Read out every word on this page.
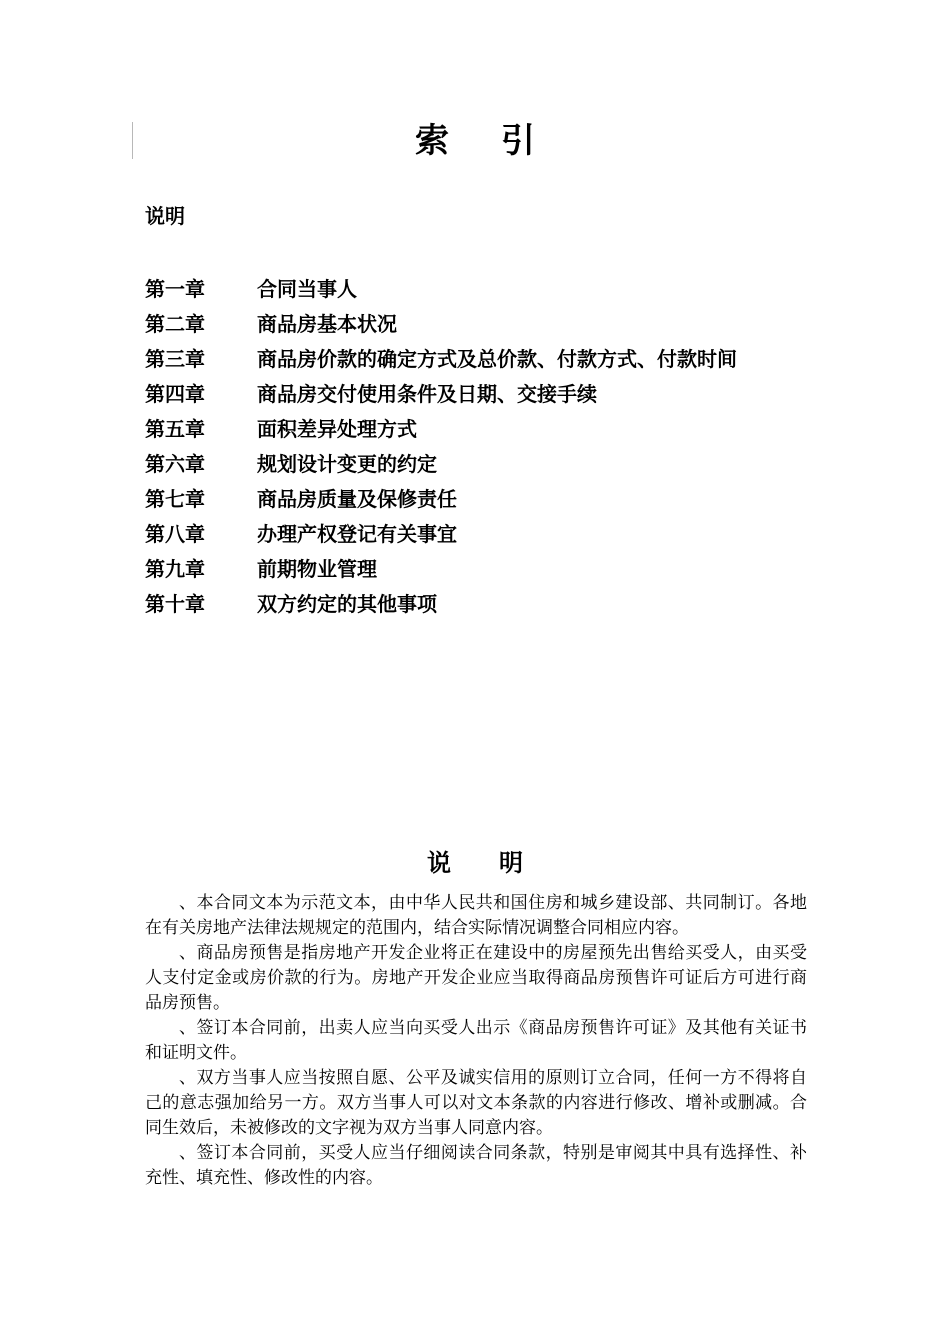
索引
说明
第一章	合同当事人
第二章	商品房基本状况
第三章	商品房价款的确定方式及总价款、付款方式、付款时间
第四章	商品房交付使用条件及日期、交接手续
第五章	面积差异处理方式
第六章	规划设计变更的约定
第七章	商品房质量及保修责任
第八章	办理产权登记有关事宜
第九章	前期物业管理
第十章	双方约定的其他事项
说明

、本合同文本为示范文本，由中华人民共和国住房和城乡建设部、共同制订。各地在有关房地产法律法规规定的范围内，结合实际情况调整合同相应内容。

、商品房预售是指房地产开发企业将正在建设中的房屋预先出售给买受人，由买受人支付定金或房价款的行为。房地产开发企业应当取得商品房预售许可证后方可进行商品房预售。

、签订本合同前，出卖人应当向买受人出示《商品房预售许可证》及其他有关证书和证明文件。

、双方当事人应当按照自愿、公平及诚实信用的原则订立合同，任何一方不得将自己的意志强加给另一方。双方当事人可以对文本条款的内容进行修改、增补或删减。合同生效后，未被修改的文字视为双方当事人同意内容。

、签订本合同前，买受人应当仔细阅读合同条款，特别是审阅其中具有选择性、补充性、填充性、修改性的内容。
